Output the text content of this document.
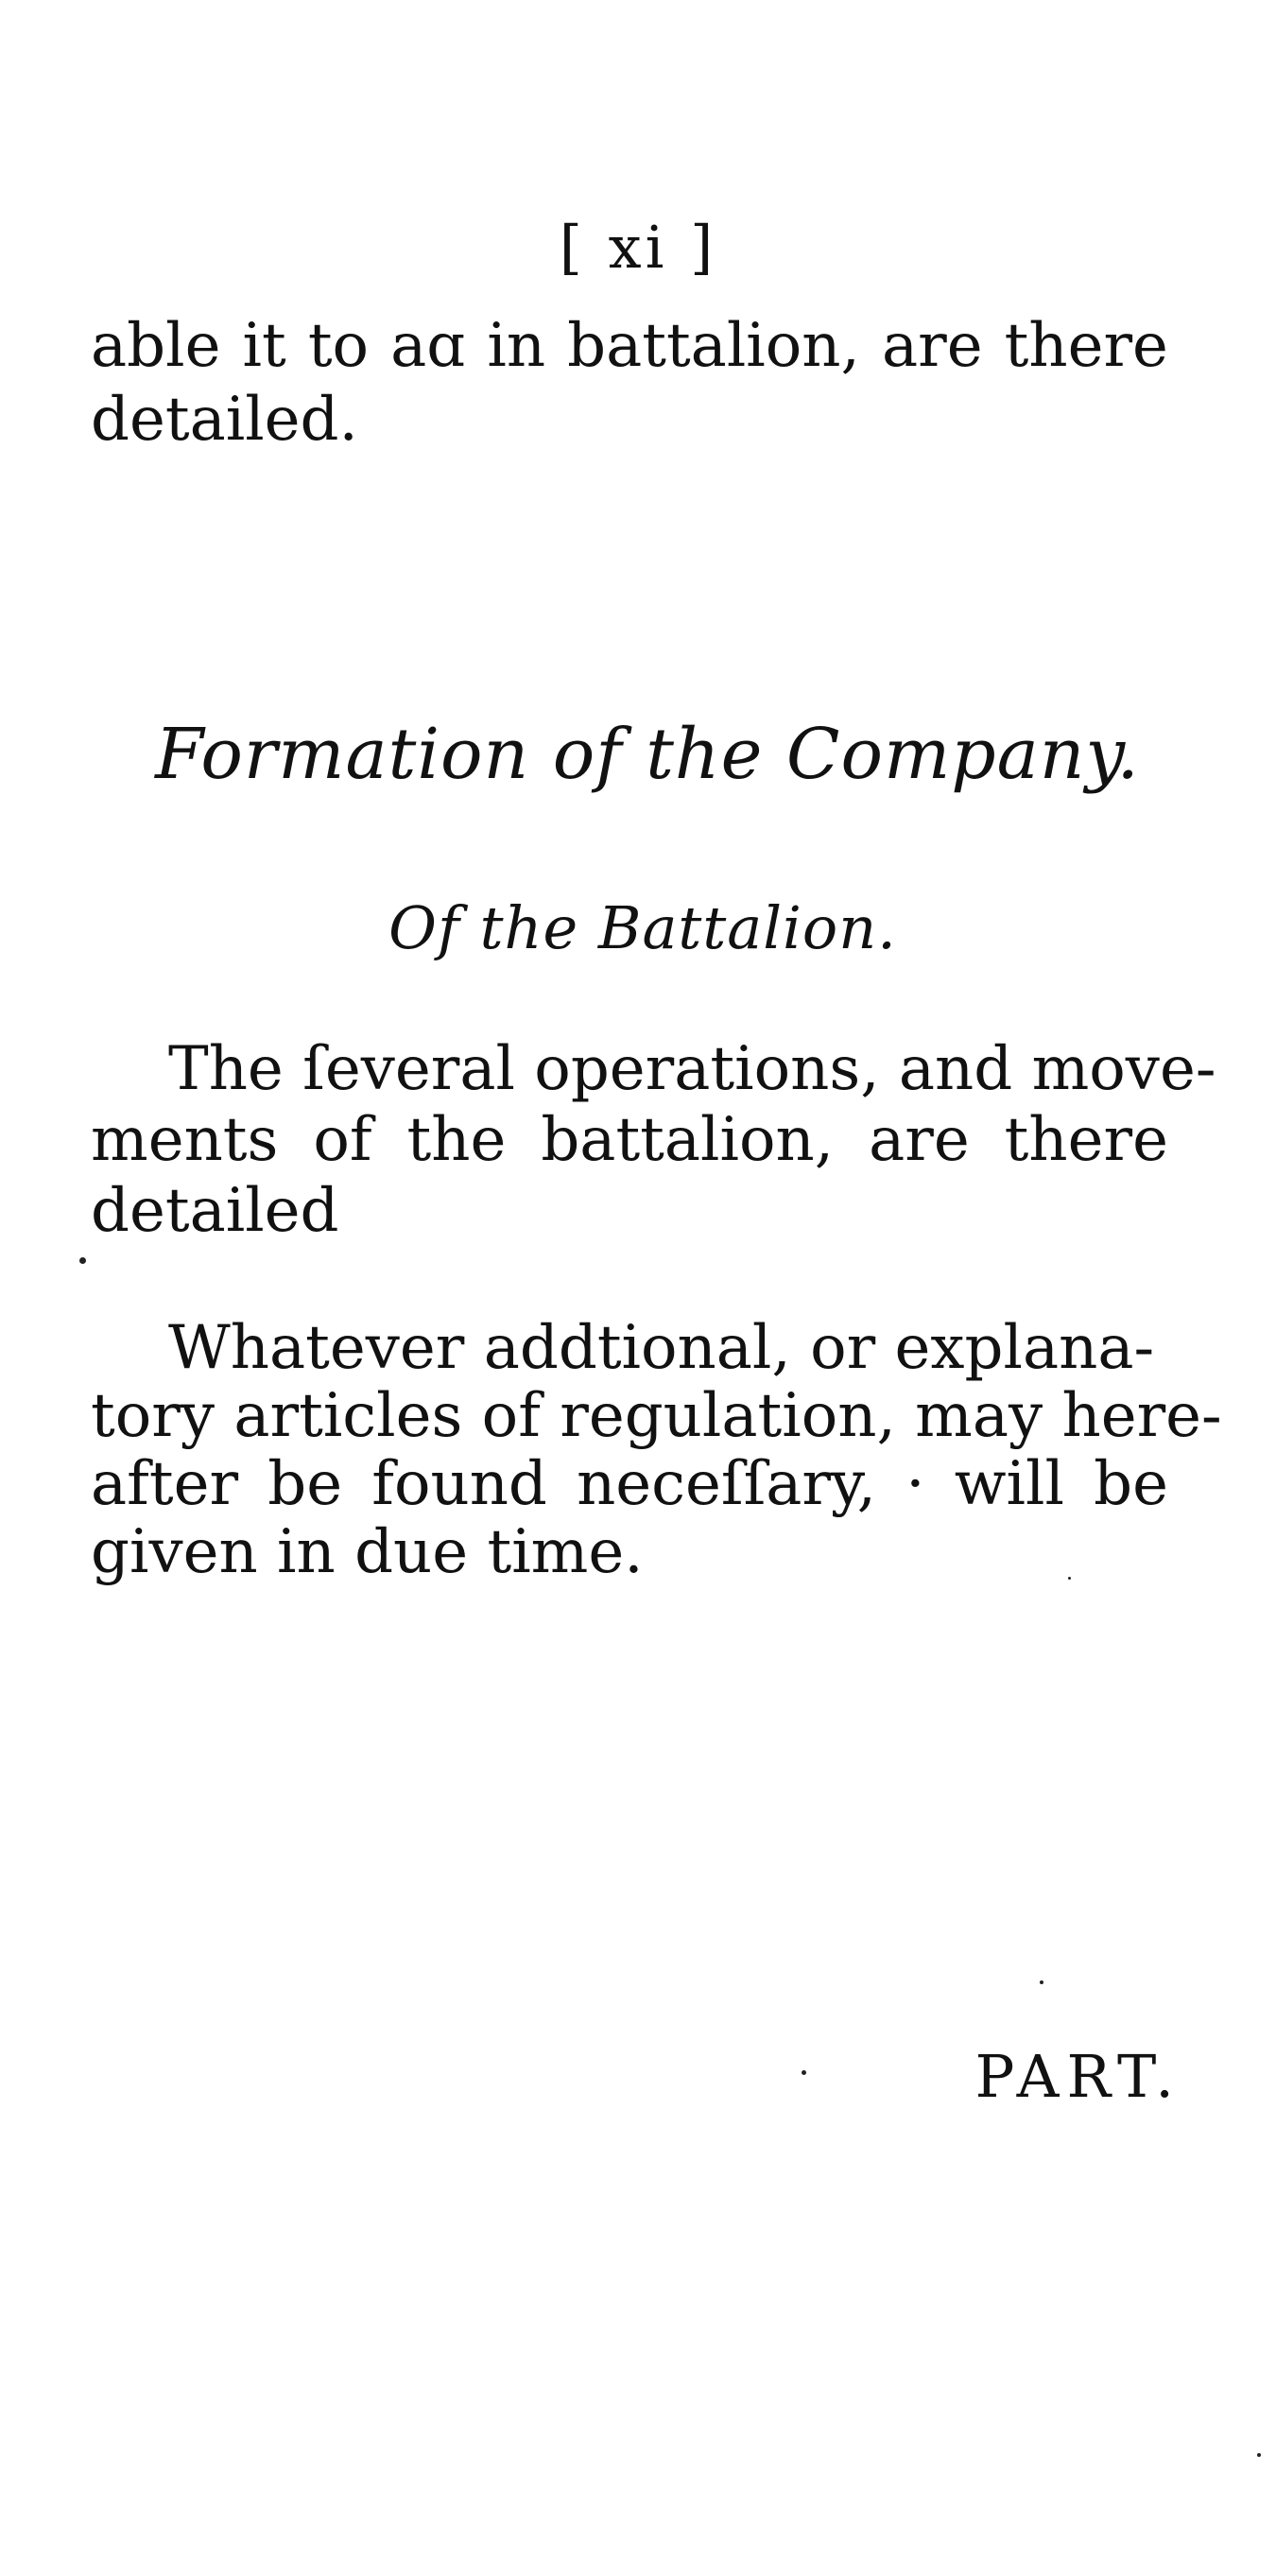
[ xi ]
able it to aɑ in battalion, are there
detailed.
Formation of the Company.
Of the Battalion.
The ſeveral operations, and move-
ments of the battalion, are there
detailed
Whatever addtional, or explana-
tory articles of regulation, may here-
after be found neceſſary, · will be
given in due time.
PART.
